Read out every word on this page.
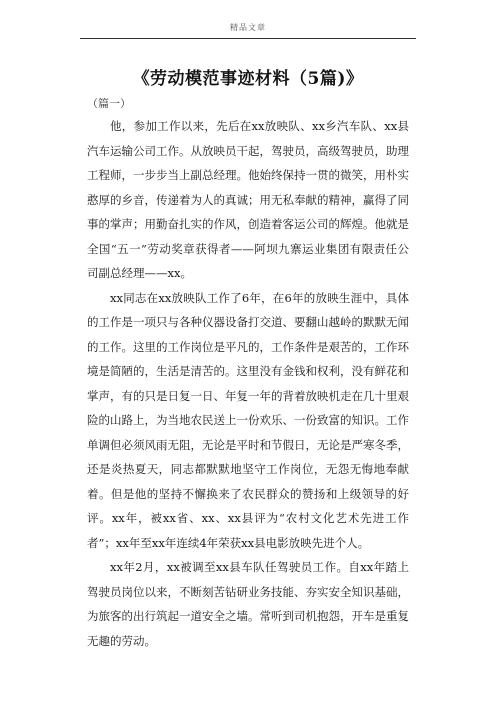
精品文章
《劳动模范事迹材料（5篇)》
（篇一）

他，参加工作以来，先后在xx放映队、xx乡汽车队、xx县汽车运输公司工作。从放映员干起，驾驶员，高级驾驶员，助理工程师，一步步当上副总经理。他始终保持一贯的微笑，用朴实憨厚的乡音，传递着为人的真诚；用无私奉献的精神，赢得了同事的掌声；用勤奋扎实的作风，创造着客运公司的辉煌。他就是全国“五一”劳动奖章获得者——阿坝九寨运业集团有限责任公司副总经理——xx。

xx同志在xx放映队工作了6年，在6年的放映生涯中，具体的工作是一项只与各种仪器设备打交道、要翻山越岭的默默无闻的工作。这里的工作岗位是平凡的，工作条件是艰苦的，工作环境是简陋的，生活是清苦的。这里没有金钱和权利，没有鲜花和掌声，有的只是日复一日、年复一年的背着放映机走在几十里艰险的山路上，为当地农民送上一份欢乐、一份致富的知识。工作单调但必须风雨无阻，无论是平时和节假日，无论是严寒冬季，还是炎热夏天，同志都默默地坚守工作岗位，无怨无悔地奉献着。但是他的坚持不懈换来了农民群众的赞扬和上级领导的好评。xx年，被xx省、xx、xx县评为“农村文化艺术先进工作者”；xx年至xx年连续4年荣获xx县电影放映先进个人。

xx年2月，xx被调至xx县车队任驾驶员工作。自xx年踏上驾驶员岗位以来，不断刻苦钻研业务技能、夯实安全知识基础，为旅客的出行筑起一道安全之墙。常听到司机抱怨，开车是重复无趣的劳动。
